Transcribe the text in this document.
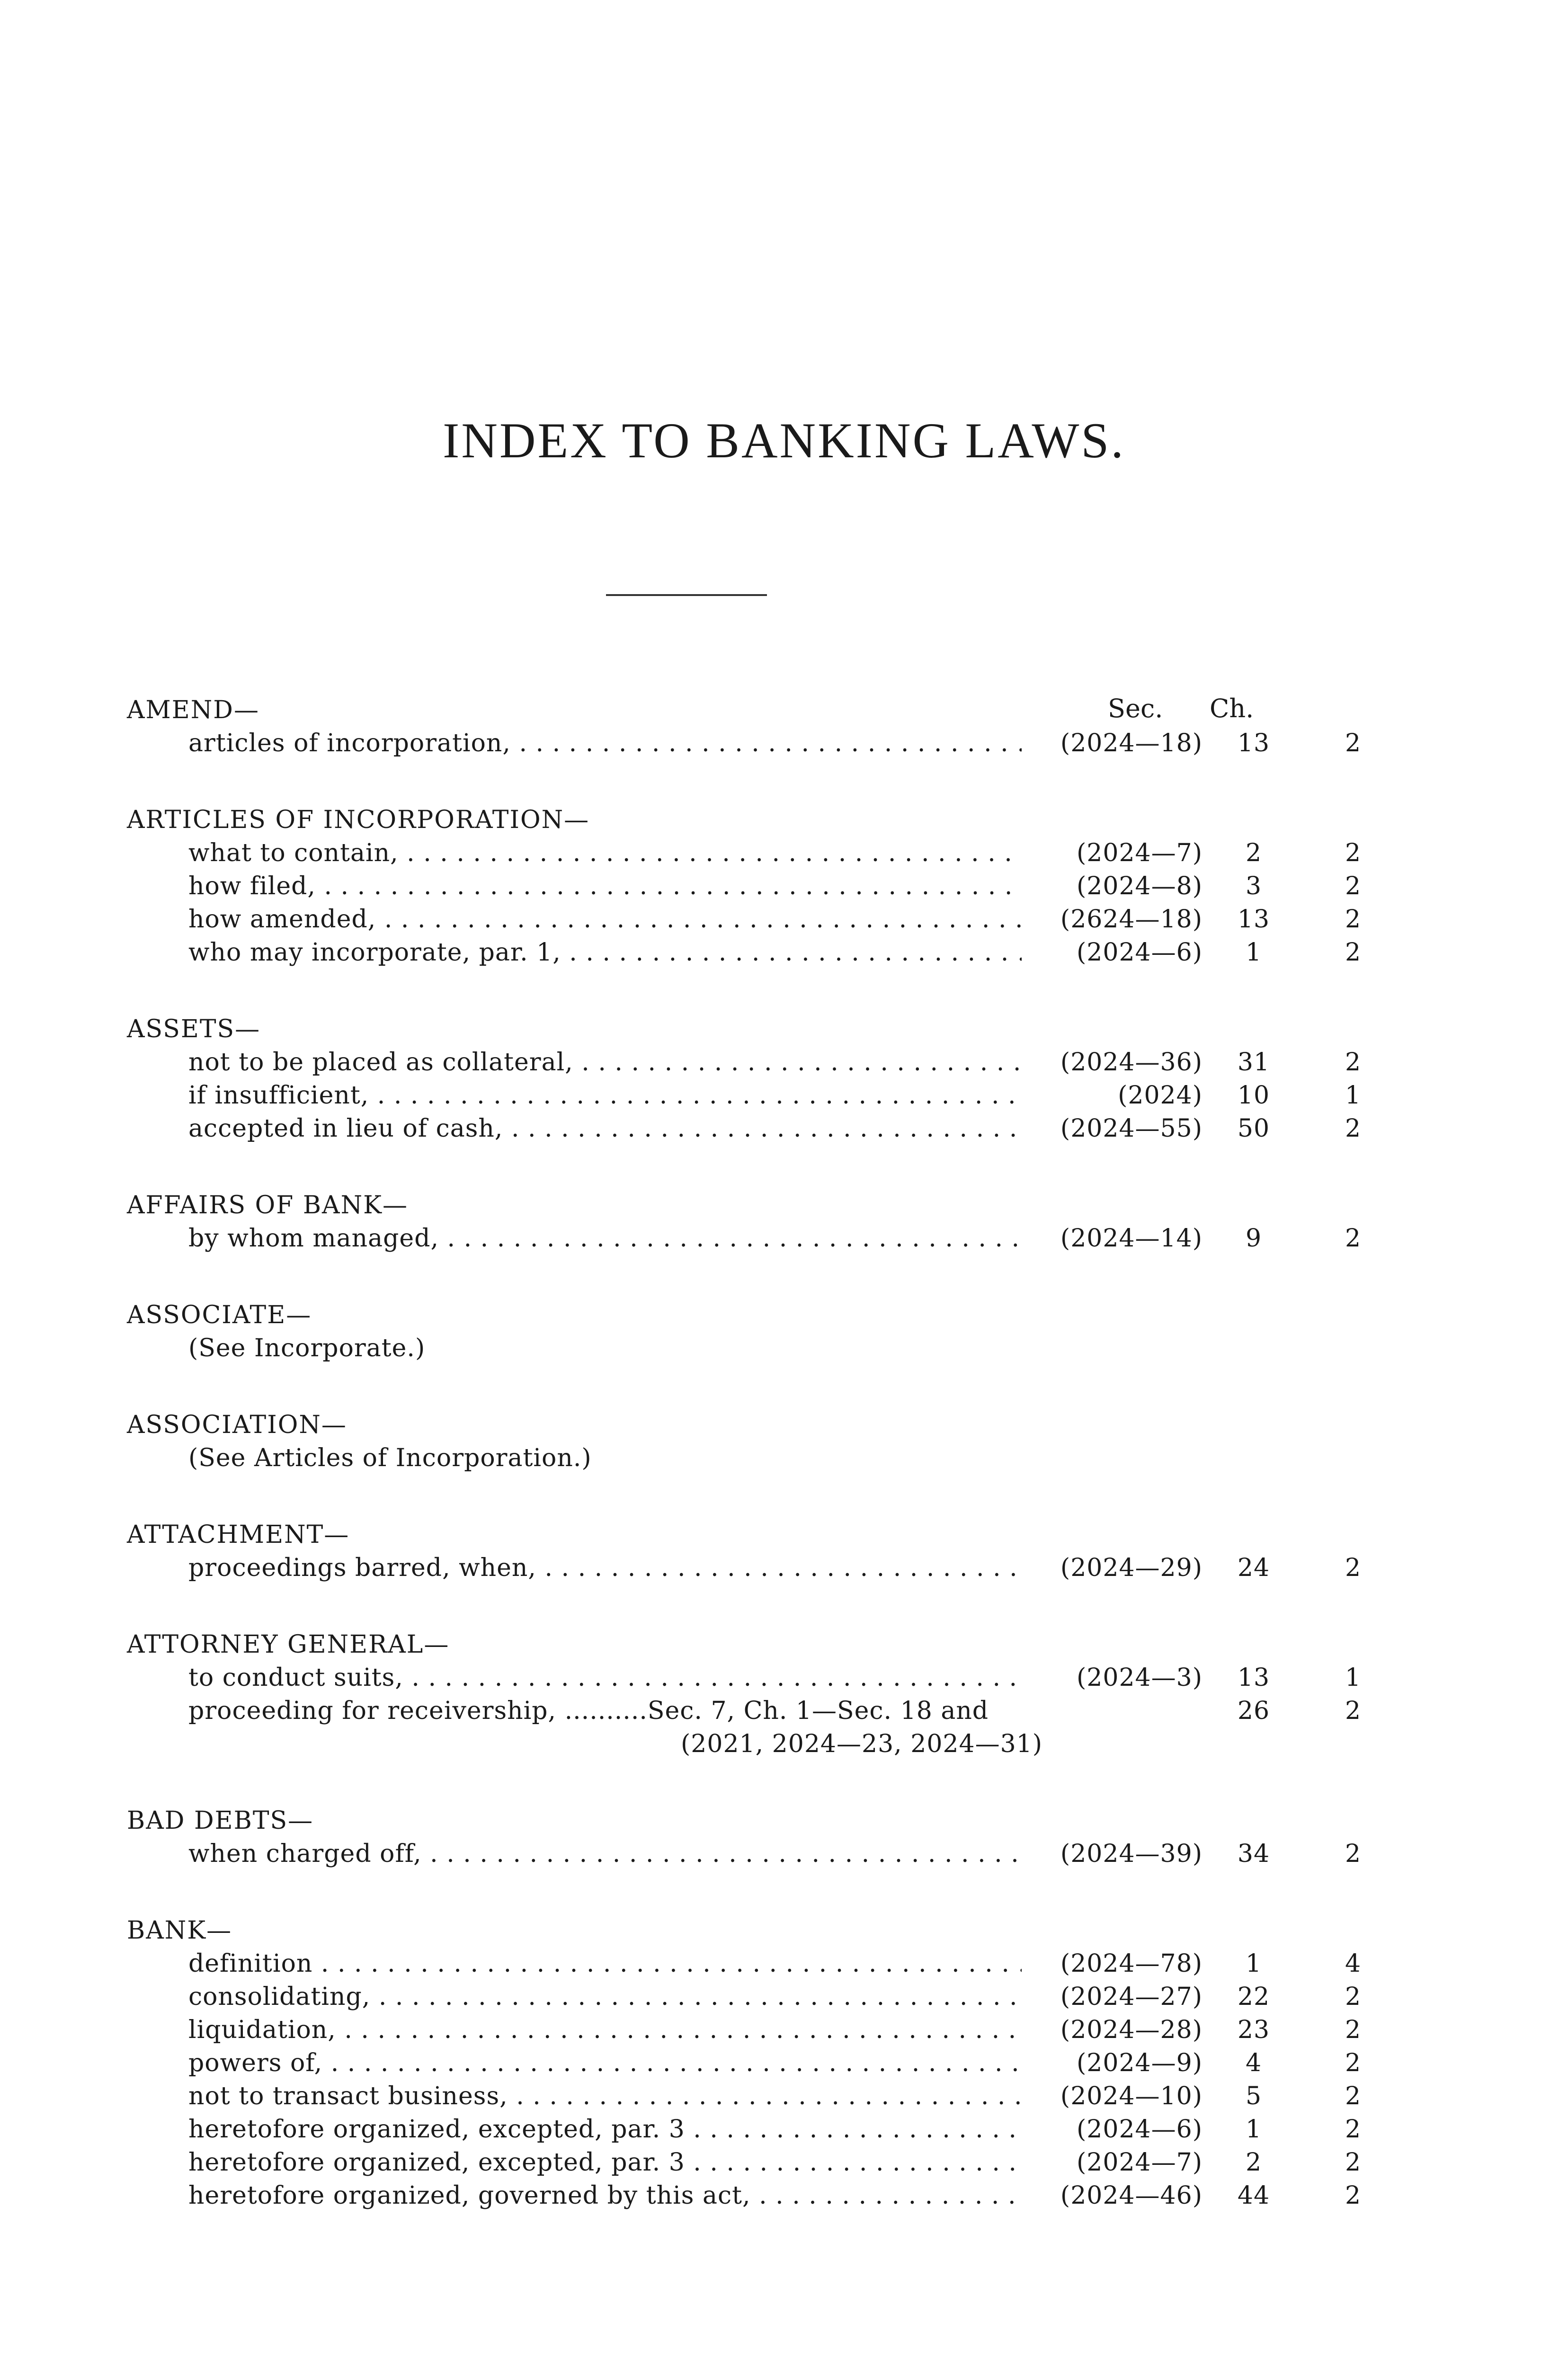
INDEX TO BANKING LAWS.
Sec. Ch.
AMEND—
articles of incorporation, . . .	(2024—18)	13	2
ARTICLES OF INCORPORATION—
what to contain, . . .	(2024—7)	2	2
how filed, . . .	(2024—8)	3	2
how amended, . . .	(2624—18)	13	2
who may incorporate, par. 1, . . .	(2024—6)	1	2
ASSETS—
not to be placed as collateral, . . .	(2024—36)	31	2
if insufficient, . . .	(2024)	10	1
accepted in lieu of cash, . . .	(2024—55)	50	2
AFFAIRS OF BANK—
by whom managed, . . .	(2024—14)	9	2
ASSOCIATE—
(See Incorporate.)
ASSOCIATION—
(See Articles of Incorporation.)
ATTACHMENT—
proceedings barred, when, . . .	(2024—29)	24	2
ATTORNEY GENERAL—
to conduct suits, . . .	(2024—3)	13	1
proceeding for receivership, ..........Sec. 7, Ch. 1—Sec. 18 and	26	2
(2021, 2024—23, 2024—31)
BAD DEBTS—
when charged off, . . .	(2024—39)	34	2
BANK—
definition . . .	(2024—78)	1	4
consolidating, . . .	(2024—27)	22	2
liquidation, . . .	(2024—28)	23	2
powers of, . . .	(2024—9)	4	2
not to transact business, . . .	(2024—10)	5	2
heretofore organized, excepted, par. 3 . . .	(2024—6)	1	2
heretofore organized, excepted, par. 3 . . .	(2024—7)	2	2
heretofore organized, governed by this act, . . .	(2024—46)	44	2
